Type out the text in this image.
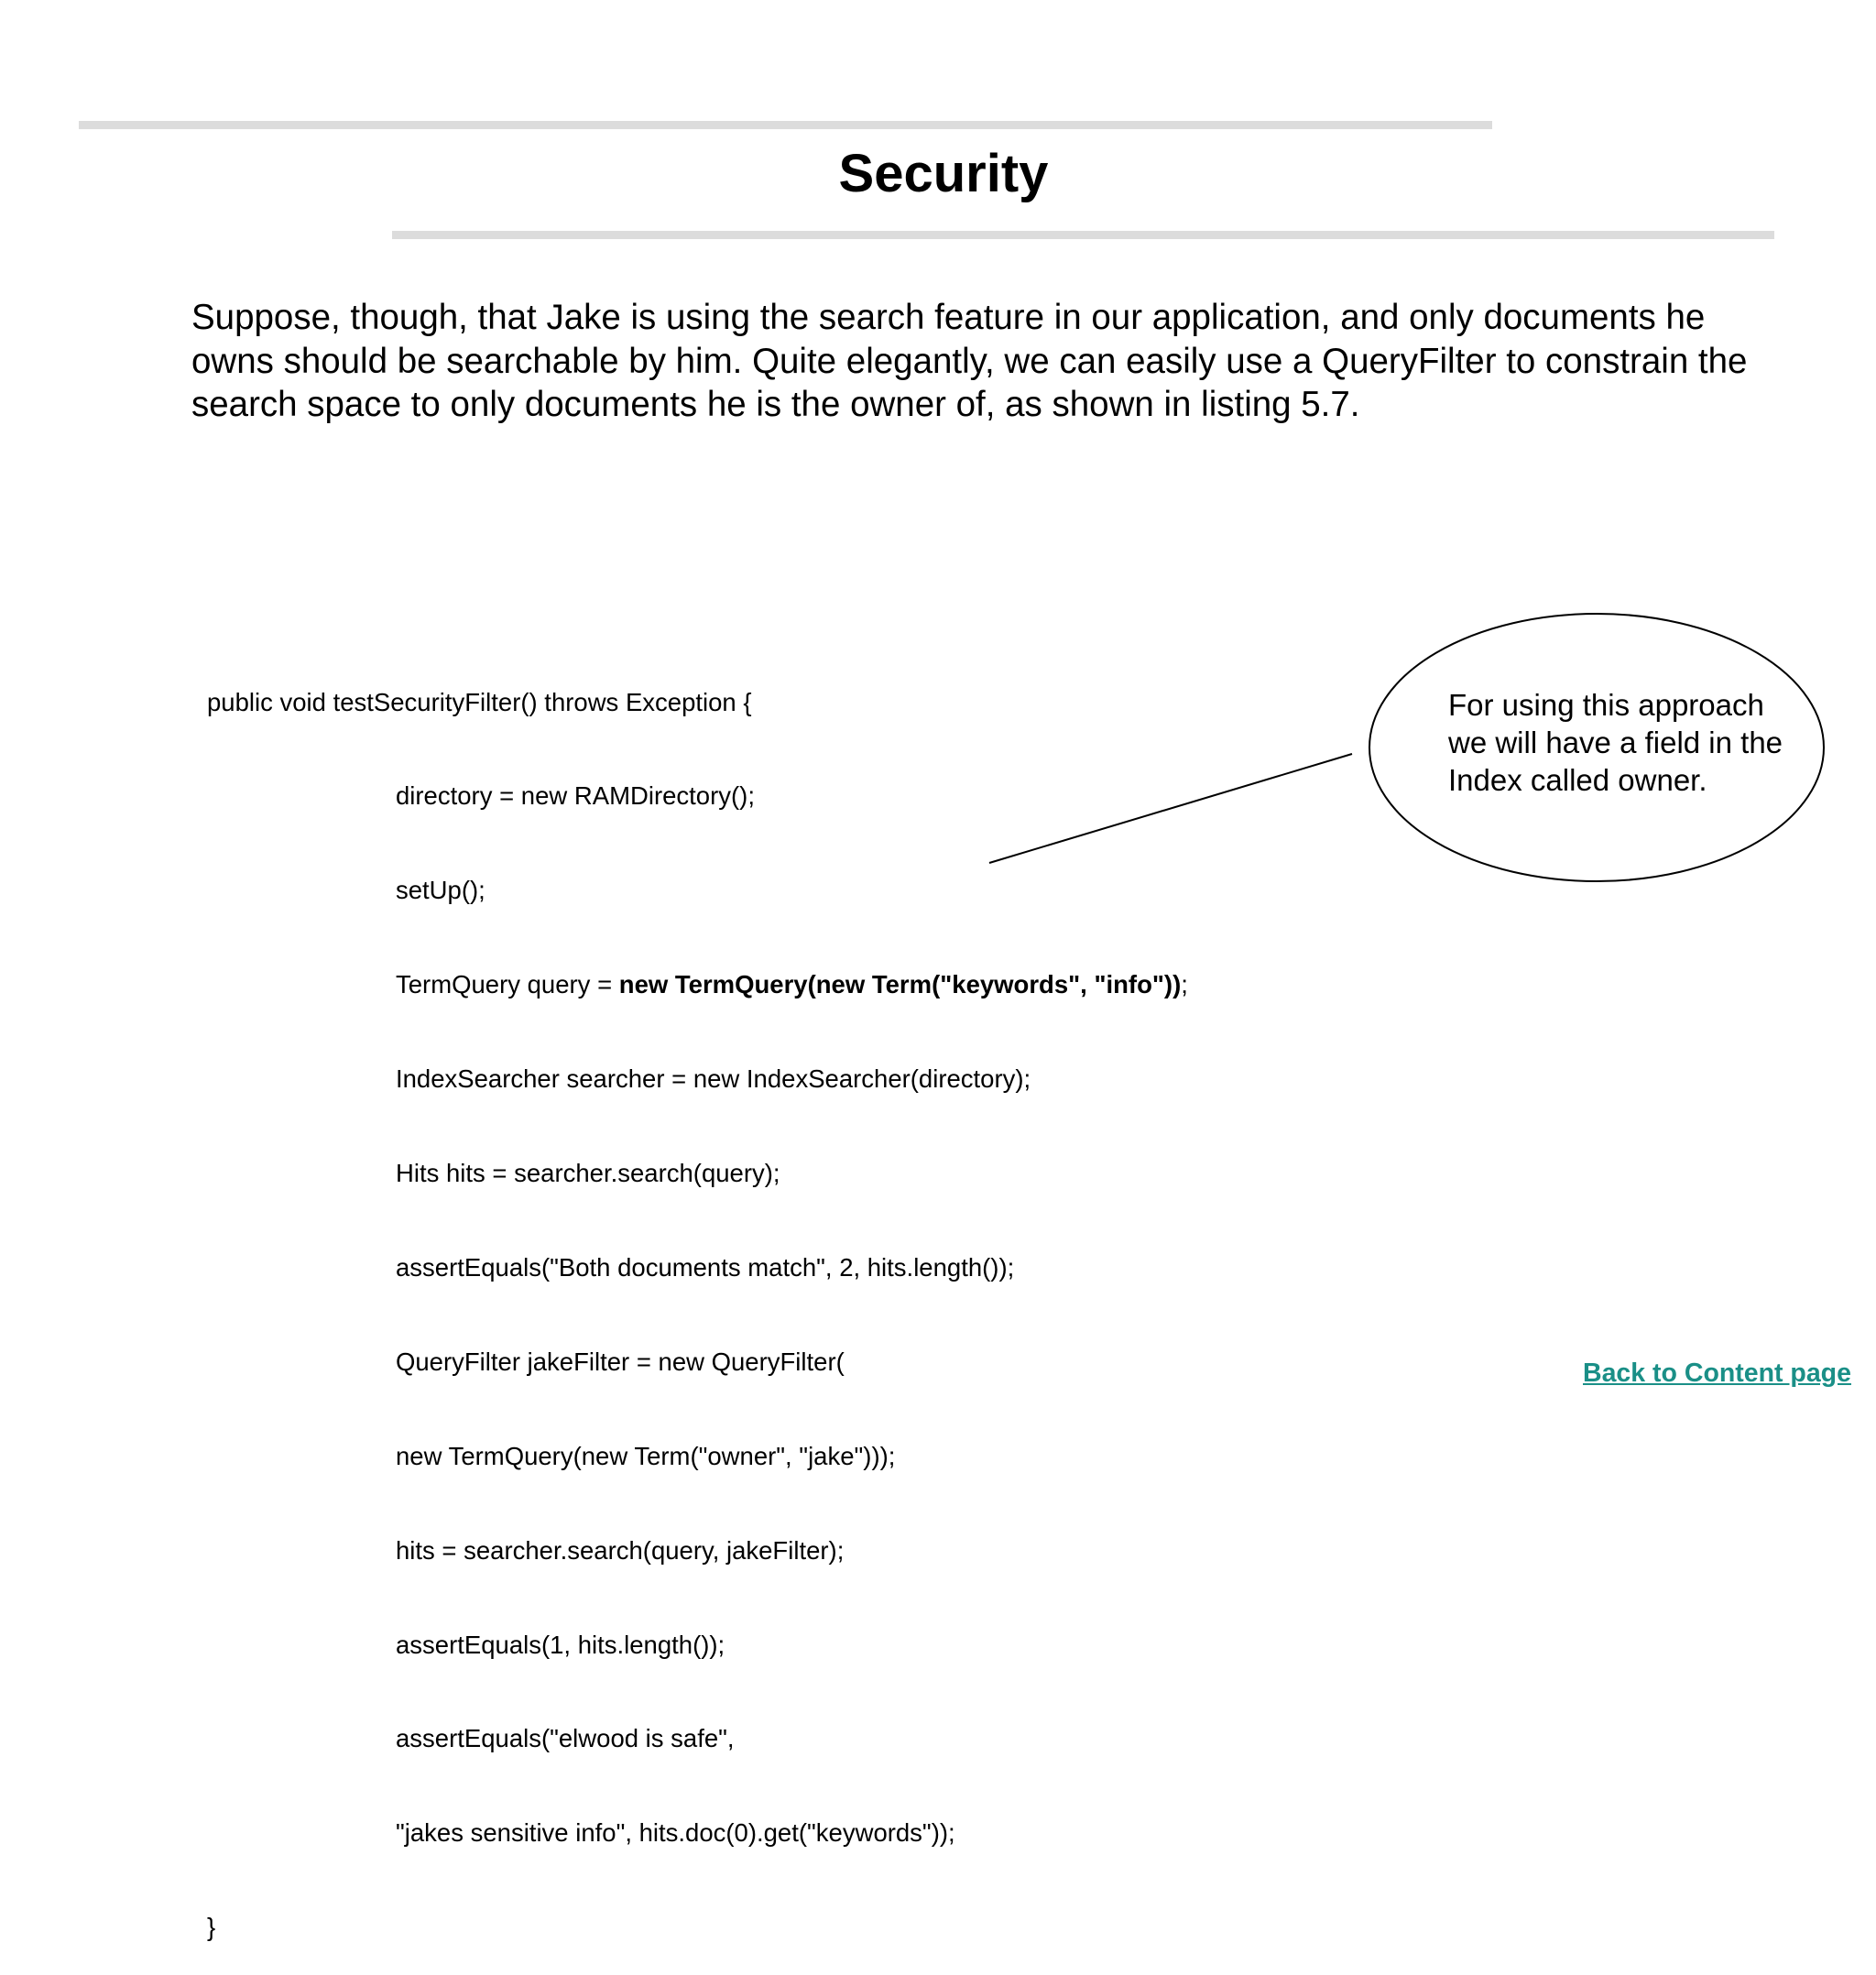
Security

Suppose, though, that Jake is using the search feature in our application, and only documents he owns should be searchable by him. Quite elegantly, we can easily use a QueryFilter to constrain the search space to only documents he is the owner of, as shown in listing 5.7.

public void testSecurityFilter() throws Exception {

directory = new RAMDirectory();

setUp();

TermQuery query = new TermQuery(new Term("keywords", "info"));

IndexSearcher searcher = new IndexSearcher(directory);

Hits hits = searcher.search(query);

assertEquals("Both documents match", 2, hits.length());

QueryFilter jakeFilter = new QueryFilter(

new TermQuery(new Term("owner", "jake")));

hits = searcher.search(query, jakeFilter);

assertEquals(1, hits.length());

assertEquals("elwood is safe",

"jakes sensitive info", hits.doc(0).get("keywords"));

}

For using this approach
we will have a field in the
Index called owner.
Back to Content page
